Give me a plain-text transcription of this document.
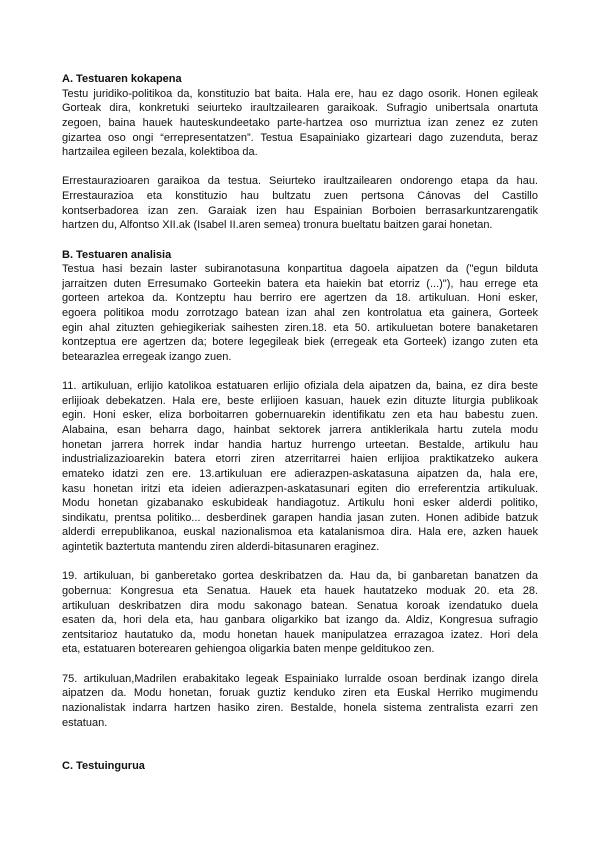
A. Testuaren kokapena
Testu juridiko-politikoa da, konstituzio bat baita. Hala ere, hau ez dago osorik. Honen egileak
Gorteak dira, konkretuki seiurteko iraultzailearen garaikoak. Sufragio unibertsala onartuta
zegoen, baina hauek hauteskundeetako parte-hartzea oso murriztua izan zenez ez zuten
gizartea oso ongi “errepresentatzen”. Testua Esapainiako gizarteari dago zuzenduta, beraz
hartzailea egileen bezala, kolektiboa da.
Errestaurazioaren garaikoa da testua. Seiurteko iraultzailearen ondorengo etapa da hau.
Errestaurazioa eta konstituzio hau bultzatu zuen pertsona Cánovas del Castillo
kontserbadorea izan zen. Garaiak izen hau Espainian Borboien berrasarkuntzarengatik
hartzen du, Alfontso XII.ak (Isabel II.aren semea) tronura bueltatu baitzen garai honetan.
B. Testuaren analisia
Testua hasi bezain laster subiranotasuna konpartitua dagoela aipatzen da ("egun bilduta
jarraitzen duten Erresumako Gorteekin batera eta haiekin bat etorriz (...)"), hau errege eta
gorteen artekoa da. Kontzeptu hau berriro ere agertzen da 18. artikuluan. Honi esker,
egoera politikoa modu zorrotzago batean izan ahal zen kontrolatua eta gainera, Gorteek
egin ahal zituzten gehiegikeriak saihesten ziren.18. eta 50. artikuluetan botere banaketaren
kontzeptua ere agertzen da; botere legegileak biek (erregeak eta Gorteek) izango zuten eta
betearazlea erregeak izango zuen.
11. artikuluan, erlijio katolikoa estatuaren erlijio ofiziala dela aipatzen da, baina, ez dira beste
erlijioak debekatzen. Hala ere, beste erlijioen kasuan, hauek ezin dituzte liturgia publikoak
egin. Honi esker, eliza borboitarren gobernuarekin identifikatu zen eta hau babestu zuen.
Alabaina, esan beharra dago, hainbat sektorek jarrera antiklerikala hartu zutela modu
honetan jarrera horrek indar handia hartuz hurrengo urteetan. Bestalde, artikulu hau
industrializazioarekin batera etorri ziren atzerritarrei haien erlijioa praktikatzeko aukera
emateko idatzi zen ere. 13.artikuluan ere adierazpen-askatasuna aipatzen da, hala ere,
kasu honetan iritzi eta ideien adierazpen-askatasunari egiten dio erreferentzia artikuluak.
Modu honetan gizabanako eskubideak handiagotuz. Artikulu honi esker alderdi politiko,
sindikatu, prentsa politiko... desberdinek garapen handia jasan zuten. Honen adibide batzuk
alderdi errepublikanoa, euskal nazionalismoa eta katalanismoa dira. Hala ere, azken hauek
agintetik baztertuta mantendu ziren alderdi-bitasunaren eraginez.
19. artikuluan, bi ganberetako gortea deskribatzen da. Hau da, bi ganbaretan banatzen da
gobernua: Kongresua eta Senatua. Hauek eta hauek hautatzeko moduak 20. eta 28.
artikuluan deskribatzen dira modu sakonago batean. Senatua koroak izendatuko duela
esaten da, hori dela eta, hau ganbara oligarkiko bat izango da. Aldiz, Kongresua sufragio
zentsitarioz hautatuko da, modu honetan hauek manipulatzea errazagoa izatez. Hori dela
eta, estatuaren boterearen gehiengoa oligarkia baten menpe gelditukoо zen.
75. artikuluan,Madrilen erabakitako legeak Espainiako lurralde osoan berdinak izango direla
aipatzen da. Modu honetan, foruak guztiz kenduko ziren eta Euskal Herriko mugimendu
nazionalistak indarra hartzen hasiko ziren. Bestalde, honela sistema zentralista ezarri zen
estatuan.
C. Testuingurua
